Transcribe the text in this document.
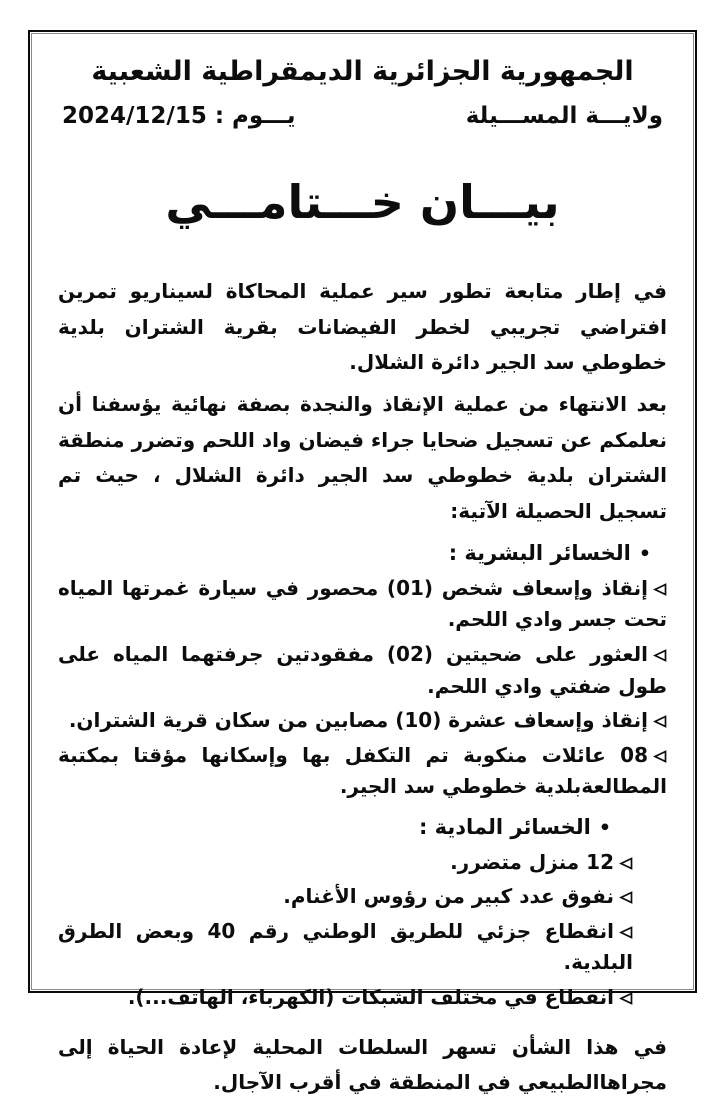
الجمهورية الجزائرية الديمقراطية الشعبية
ولايـــة المســـيلة
يـــوم : 2024/12/15
بيـــان خـــتامـــي

في إطار متابعة تطور سير عملية المحاكاة لسيناريو تمرين افتراضي تجريبي لخطر الفيضانات بقرية الشتران بلدية خطوطي سد الجير دائرة الشلال.

بعد الانتهاء من عملية الإنقاذ والنجدة بصفة نهائية يؤسفنا أن نعلمكم عن تسجيل ضحايا جراء فيضان واد اللحم وتضرر منطقة الشتران بلدية خطوطي سد الجير دائرة الشلال ، حيث تم تسجيل الحصيلة الآتية:

•الخسائر البشرية :
إنقاذ وإسعاف شخص (01) محصور في سيارة غمرتها المياه تحت جسر وادي اللحم.
العثور على ضحيتين (02) مفقودتين جرفتهما المياه على طول ضفتي وادي اللحم.
إنقاذ وإسعاف عشرة (10) مصابين من سكان قرية الشتران.
08 عائلات منكوبة تم التكفل بها وإسكانها مؤقتا بمكتبة المطالعةبلدية خطوطي سد الجير.
•الخسائر المادية :
12 منزل متضرر.
نفوق عدد كبير من رؤوس الأغنام.
انقطاع جزئي للطريق الوطني رقم 40 وبعض الطرق البلدية.
انقطاع في مختلف الشبكات (الكهرباء، الهاتف...).

في هذا الشأن تسهر السلطات المحلية لإعادة الحياة إلى مجراهاالطبيعي في المنطقة في أقرب الآجال.
